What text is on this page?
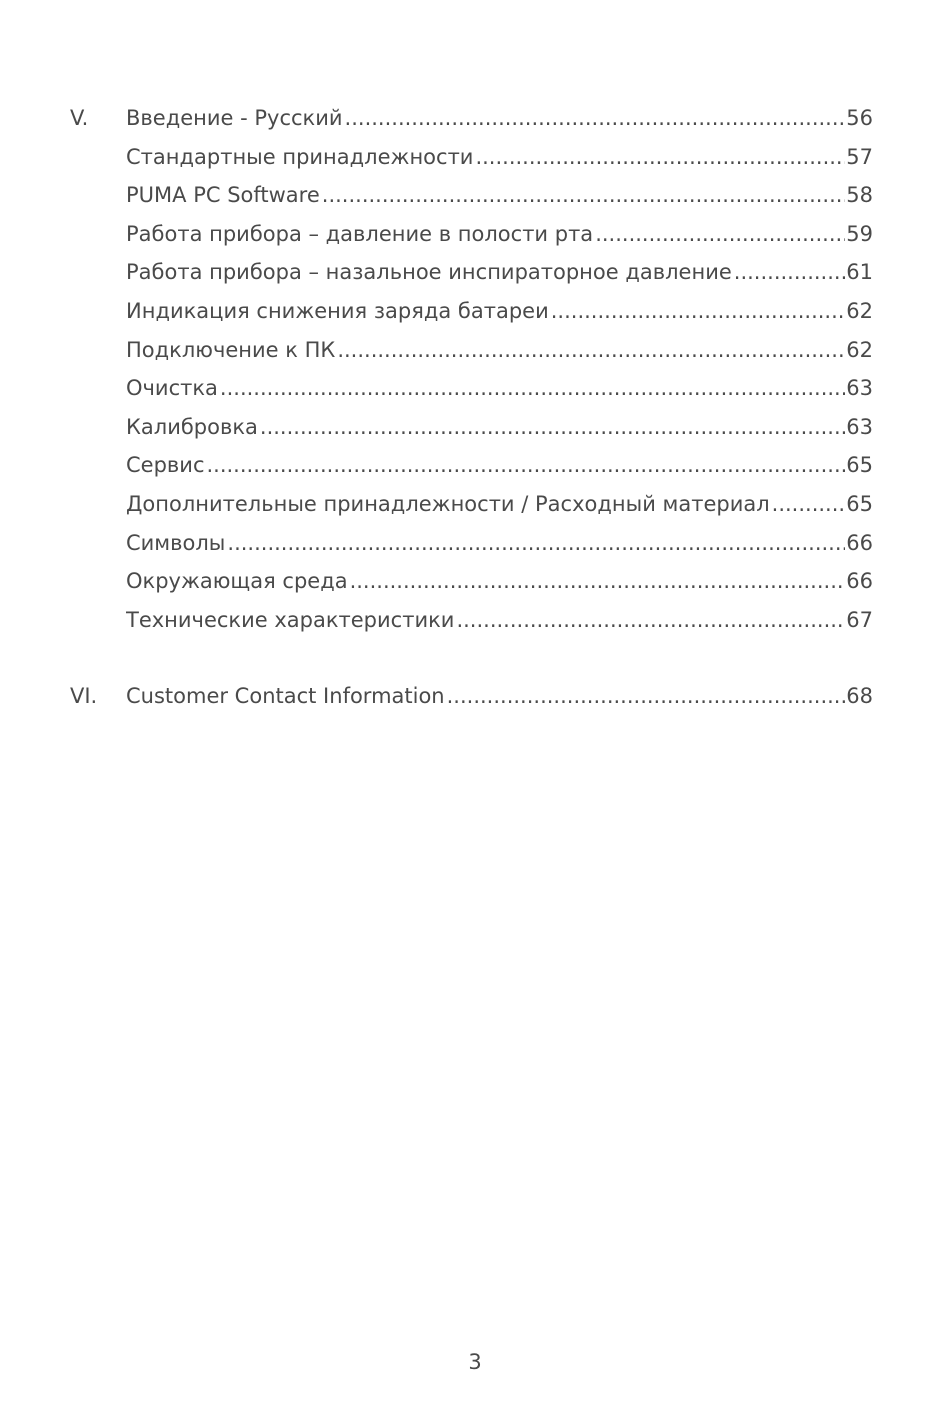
V. Введение - Русский .....	56
Стандартные принадлежности .....	57
PUMA PC Software .....	58
Работа прибора – давление в полости рта .....	59
Работа прибора – назальное инспираторное давление .....	61
Индикация снижения заряда батареи .....	62
Подключение к ПК .....	62
Очистка .....	63
Калибровка .....	63
Сервис .....	65
Дополнительные принадлежности / Расходный материал .....	65
Символы .....	66
Окружающая среда .....	66
Технические характеристики .....	67
VI. Customer Contact Information .....	68
3
